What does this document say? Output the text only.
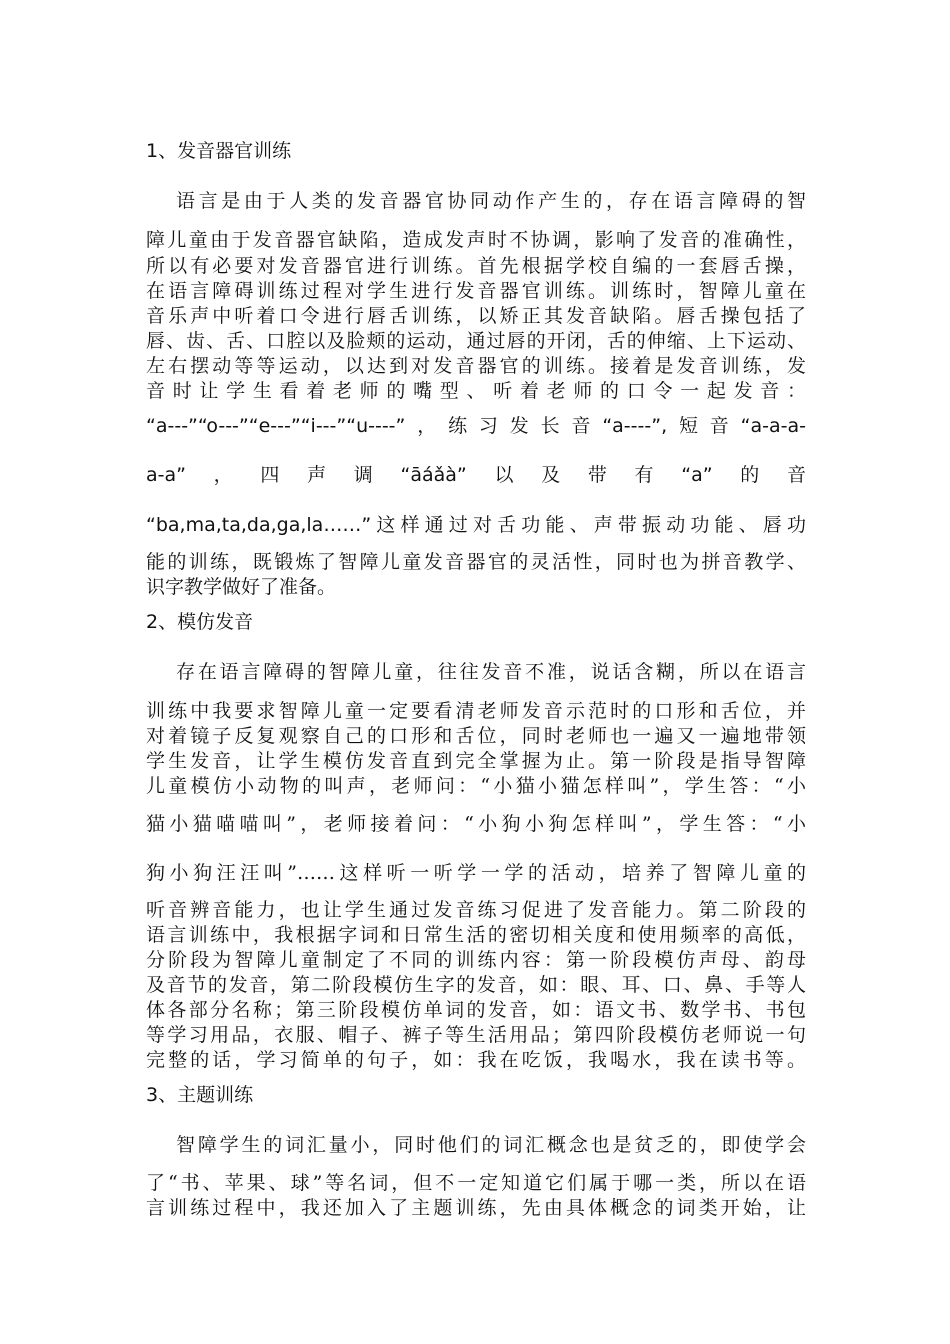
1、发音器官训练
语言是由于人类的发音器官协同动作产生的，存在语言障碍的智
障儿童由于发音器官缺陷，造成发声时不协调，影响了发音的准确性，
所以有必要对发音器官进行训练。首先根据学校自编的一套唇舌操，
在语言障碍训练过程对学生进行发音器官训练。训练时，智障儿童在
音乐声中听着口令进行唇舌训练，以矫正其发音缺陷。唇舌操包括了
唇、齿、舌、口腔以及脸颊的运动，通过唇的开闭，舌的伸缩、上下运动、
左右摆动等等运动，以达到对发音器官的训练。接着是发音训练，发
音时让学生看着老师的嘴型、听着老师的口令一起发音：
“a---”“o---”“e---”“i---”“u----”，练习发长音“a----”,短音“a-a-a-
a-a”，四声调“āáǎà”以及带有“a”的音
“ba,ma,ta,da,ga,la……”这样通过对舌功能、声带振动功能、唇功
能的训练，既锻炼了智障儿童发音器官的灵活性，同时也为拼音教学、
识字教学做好了准备。
2、模仿发音
存在语言障碍的智障儿童，往往发音不准，说话含糊，所以在语言
训练中我要求智障儿童一定要看清老师发音示范时的口形和舌位，并
对着镜子反复观察自己的口形和舌位，同时老师也一遍又一遍地带领
学生发音，让学生模仿发音直到完全掌握为止。第一阶段是指导智障
儿童模仿小动物的叫声，老师问：“小猫小猫怎样叫”，学生答：“小
猫小猫喵喵叫”，老师接着问：“小狗小狗怎样叫”，学生答：“小
狗小狗汪汪叫”……这样听一听学一学的活动，培养了智障儿童的
听音辨音能力，也让学生通过发音练习促进了发音能力。第二阶段的
语言训练中，我根据字词和日常生活的密切相关度和使用频率的高低，
分阶段为智障儿童制定了不同的训练内容：第一阶段模仿声母、韵母
及音节的发音，第二阶段模仿生字的发音，如：眼、耳、口、鼻、手等人
体各部分名称；第三阶段模仿单词的发音，如：语文书、数学书、书包
等学习用品，衣服、帽子、裤子等生活用品；第四阶段模仿老师说一句
完整的话，学习简单的句子，如：我在吃饭，我喝水，我在读书等。
3、主题训练
智障学生的词汇量小，同时他们的词汇概念也是贫乏的，即使学会
了“书、苹果、球”等名词，但不一定知道它们属于哪一类，所以在语
言训练过程中，我还加入了主题训练，先由具体概念的词类开始，让
